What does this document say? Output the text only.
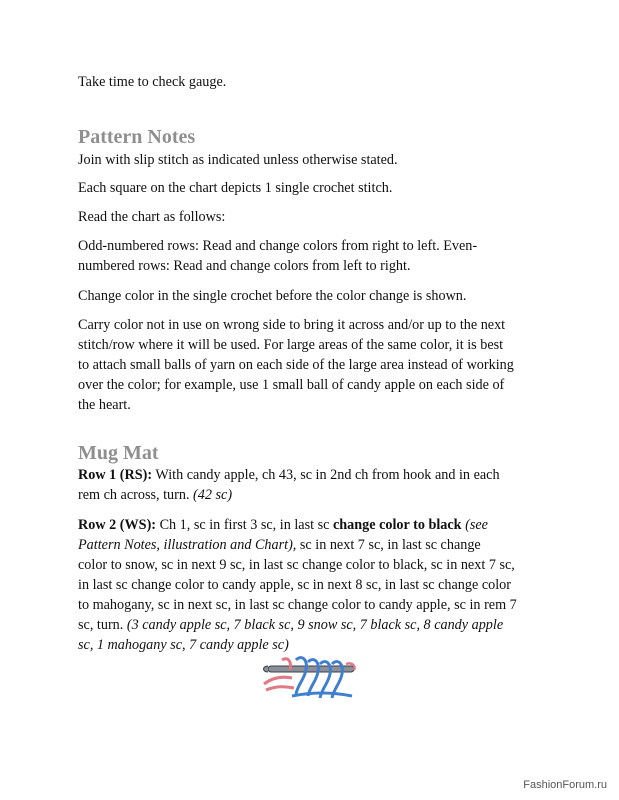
Take time to check gauge.

Pattern Notes

Join with slip stitch as indicated unless otherwise stated.

Each square on the chart depicts 1 single crochet stitch.

Read the chart as follows:

Odd-numbered rows: Read and change colors from right to left. Even-

numbered rows: Read and change colors from left to right.

Change color in the single crochet before the color change is shown.

Carry color not in use on wrong side to bring it across and/or up to the next

stitch/row where it will be used. For large areas of the same color, it is best

to attach small balls of yarn on each side of the large area instead of working

over the color; for example, use 1 small ball of candy apple on each side of

the heart.

Mug Mat

Row 1 (RS): With candy apple, ch 43, sc in 2nd ch from hook and in each

rem ch across, turn. (42 sc)

Row 2 (WS): Ch 1, sc in first 3 sc, in last sc change color to black (see

Pattern Notes, illustration and Chart), sc in next 7 sc, in last sc change

color to snow, sc in next 9 sc, in last sc change color to black, sc in next 7 sc,

in last sc change color to candy apple, sc in next 8 sc, in last sc change color

to mahogany, sc in next sc, in last sc change color to candy apple, sc in rem 7

sc, turn. (3 candy apple sc, 7 black sc, 9 snow sc, 7 black sc, 8 candy apple

sc, 1 mahogany sc, 7 candy apple sc)

FashionForum.ru
